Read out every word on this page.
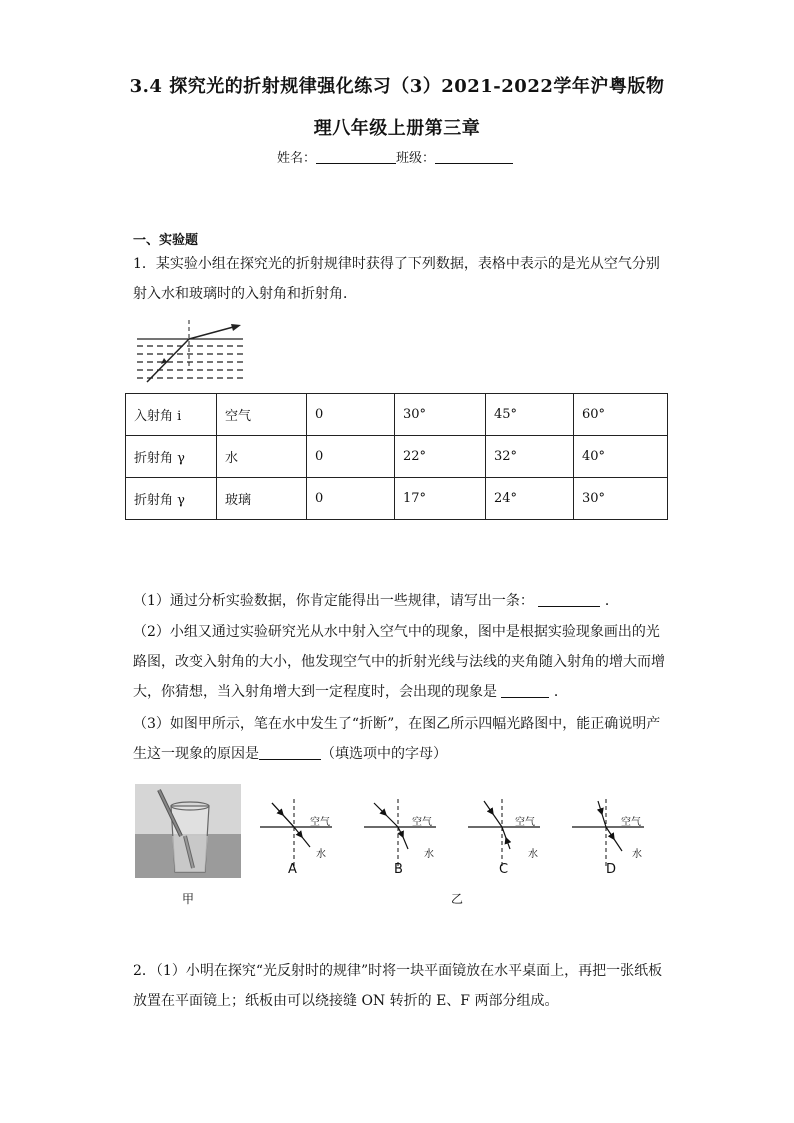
3.4 探究光的折射规律强化练习（3）2021-2022学年沪粤版物
理八年级上册第三章
姓名：	班级：
一、实验题
1．某实验小组在探究光的折射规律时获得了下列数据，表格中表示的是光从空气分别
射入水和玻璃时的入射角和折射角．
入射角 i	空气	0	30°	45°	60°
折射角 γ	水	0	22°	32°	40°
折射角 γ	玻璃	0	17°	24°	30°
（1）通过分析实验数据，你肯定能得出一些规律，请写出一条：	．
（2）小组又通过实验研究光从水中射入空气中的现象，图中是根据实验现象画出的光
路图，改变入射角的大小，他发现空气中的折射光线与法线的夹角随入射角的增大而增
大，你猜想，当入射角增大到一定程度时，会出现的现象是	．
（3）如图甲所示，笔在水中发生了“折断”，在图乙所示四幅光路图中，能正确说明产
生这一现象的原因是	（填选项中的字母）
甲
空气
水
空气
水
空气
水
空气
水
A	B	C	D
乙
2．（1）小明在探究“光反射时的规律”时将一块平面镜放在水平桌面上，再把一张纸板
放置在平面镜上；纸板由可以绕接缝 ON 转折的 E、F 两部分组成。
